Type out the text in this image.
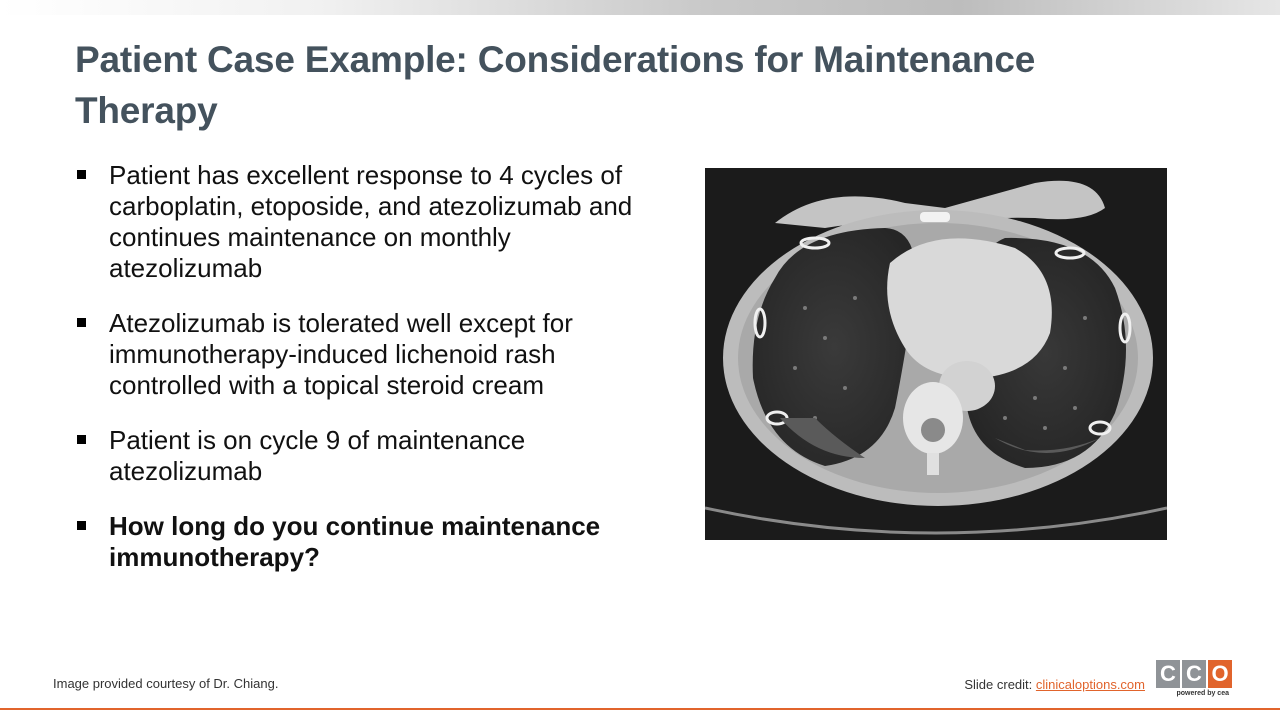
Patient Case Example: Considerations for Maintenance Therapy
Patient has excellent response to 4 cycles of carboplatin, etoposide, and atezolizumab and continues maintenance on monthly atezolizumab
Atezolizumab is tolerated well except for immunotherapy-induced lichenoid rash controlled with a topical steroid cream
Patient is on cycle 9 of maintenance atezolizumab
How long do you continue maintenance immunotherapy?
Image provided courtesy of Dr. Chiang.	Slide credit: clinicaloptions.com C C O
powered by cea
